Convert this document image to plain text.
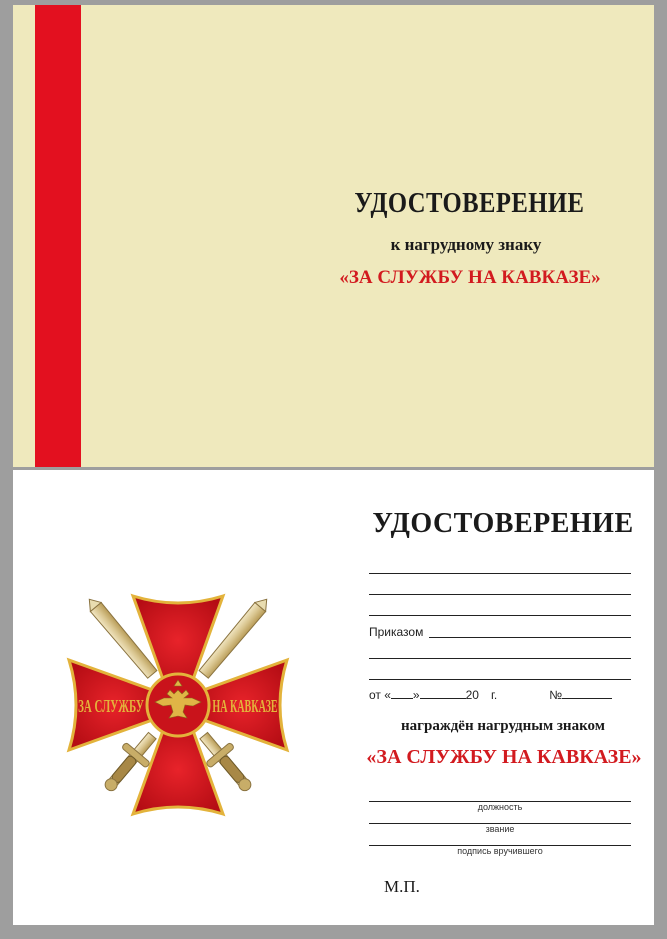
УДОСТОВЕРЕНИЕ
к нагрудному знаку
«ЗА СЛУЖБУ НА КАВКАЗЕ»
ЗА СЛУЖБУ	НА КАВКАЗЕ
УДОСТОВЕРЕНИЕ
Приказом
от « »	20 г.	№
награждён нагрудным знаком
«ЗА СЛУЖБУ НА КАВКАЗЕ»
должность
звание
подпись вручившего
М.П.
